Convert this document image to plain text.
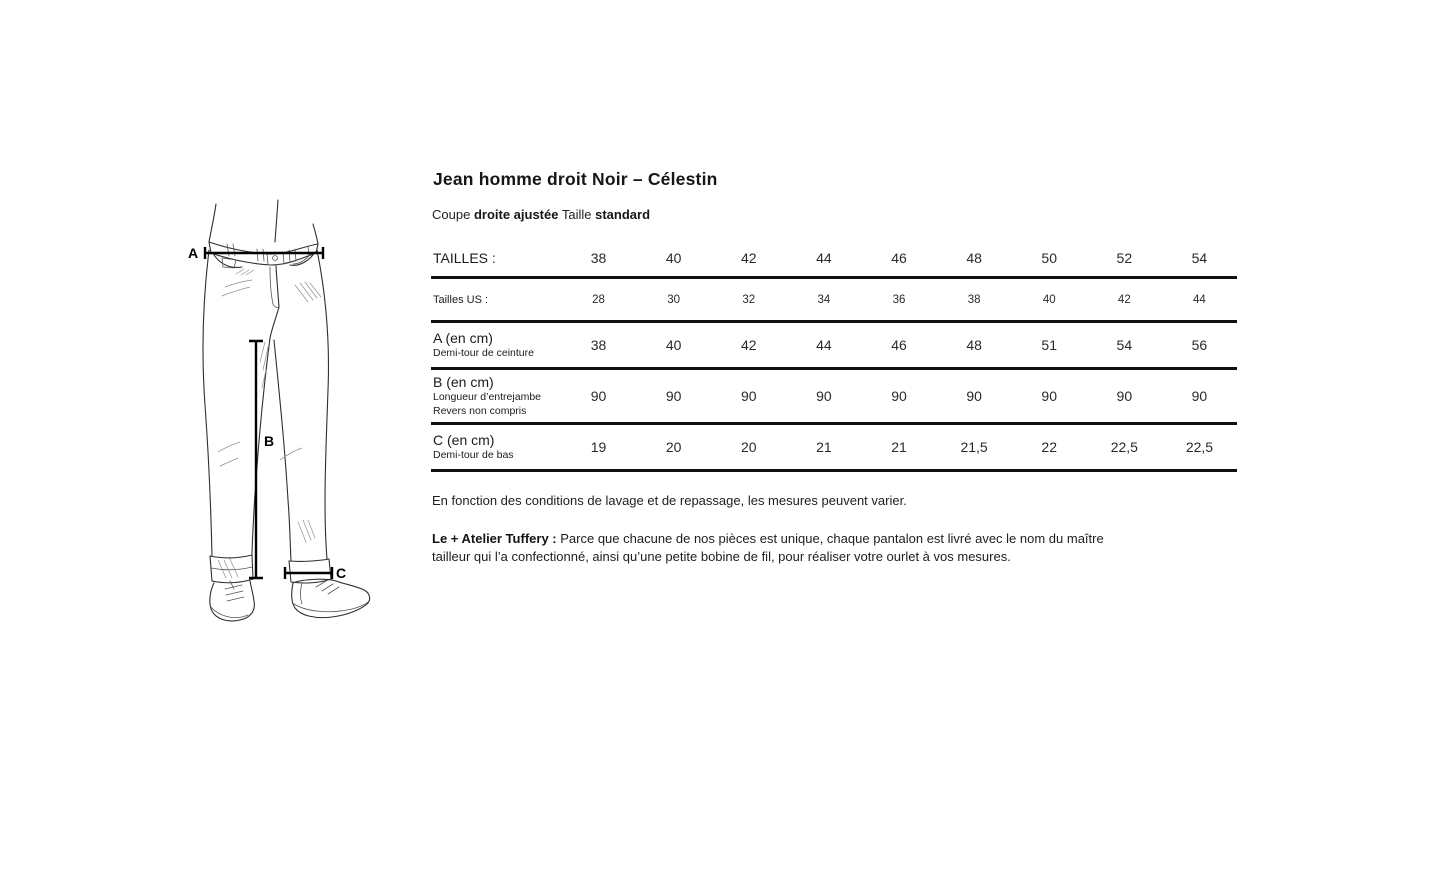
A
B
C
Jean homme droit Noir – Célestin

Coupe droite ajustée Taille standard

TAILLES :	38	40	42	44	46	48	50	52	54
Tailles US :	28	30	32	34	36	38	40	42	44
A (en cm)
Demi-tour de ceinture	38	40	42	44	46	48	51	54	56
B (en cm)
Longueur d’entrejambe
Revers non compris
90	90	90	90	90	90	90	90	90
C (en cm)
Demi-tour de bas	19	20	20	21	21	21,5	22	22,5	22,5

En fonction des conditions de lavage et de repassage, les mesures peuvent varier.

Le + Atelier Tuffery : Parce que chacune de nos pièces est unique, chaque pantalon est livré avec le nom du maître tailleur qui l’a confectionné, ainsi qu’une petite bobine de fil, pour réaliser votre ourlet à vos mesures.
